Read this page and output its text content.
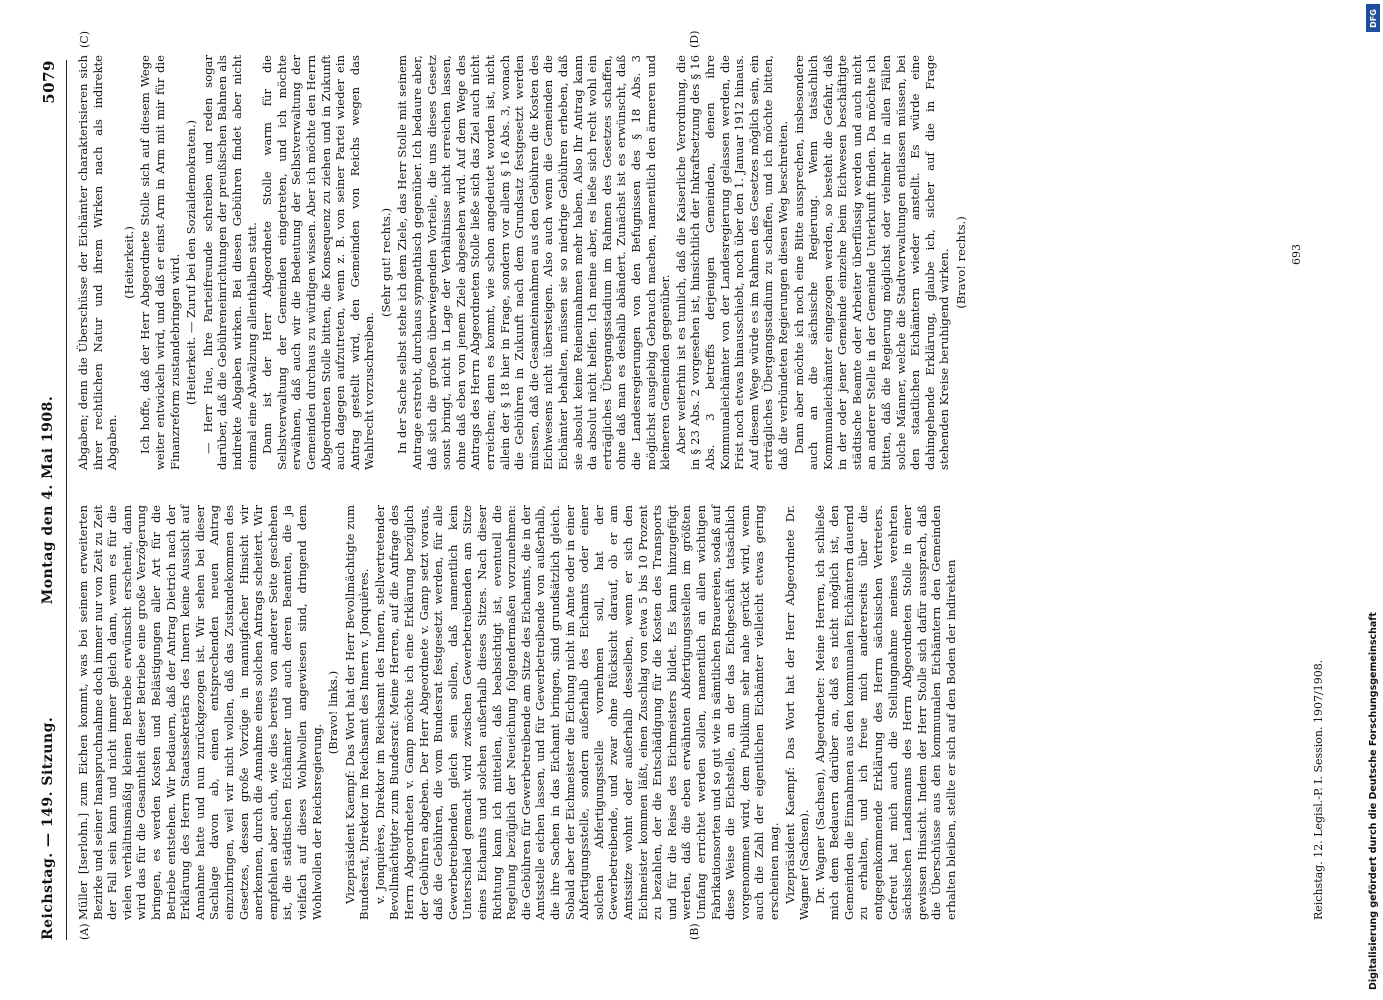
Reichstag. — 149. Sitzung.
Montag den 4. Mai 1908.
5079
(A)	(B)
(C)	(D)

Müller [Iserlohn.] zum Eichen kommt, was bei seinem erweiterten Bezirke und seiner Inanspruchnahme doch immer nur von Zeit zu Zeit der Fall sein kann und nicht immer gleich dann, wenn es für die vielen verhältnismäßig kleinen Betriebe erwünscht erscheint, dann wird das für die Gesamtheit dieser Betriebe eine große Verzögerung bringen, es werden Kosten und Belästigungen aller Art für die Betriebe entstehen. Wir bedauern, daß der Antrag Dietrich nach der Erklärung des Herrn Staatssekretärs des Innern keine Aussicht auf Annahme hatte und nun zurückgezogen ist. Wir sehen bei dieser Sachlage davon ab, einen entsprechenden neuen Antrag einzubringen, weil wir nicht wollen, daß das Zustandekommen des Gesetzes, dessen große Vorzüge in mannigfacher Hinsicht wir anerkennen, durch die Annahme eines solchen Antrags scheitert. Wir empfehlen aber auch, wie dies bereits von anderer Seite geschehen ist, die städtischen Eichämter und auch deren Beamten, die ja vielfach auf dieses Wohlwollen angewiesen sind, dringend dem Wohlwollen der Reichsregierung.

(Bravo! links.) Vizepräsident Kaempf: Das Wort hat der Herr Bevollmächtigte zum Bundesrat, Direktor im Reichsamt des Innern v. Jonquières. v. Jonquières, Direktor im Reichsamt des Innern, stellvertretender Bevollmächtigter zum Bundesrat: Meine Herren, auf die Anfrage des Herrn Abgeordneten v. Gamp möchte ich eine Erklärung bezüglich der Gebühren abgeben. Der Herr Abgeordnete v. Gamp setzt voraus, daß die Gebühren, die vom Bundesrat festgesetzt werden, für alle Gewerbetreibenden gleich sein sollen, daß namentlich kein Unterschied gemacht wird zwischen Gewerbetreibenden am Sitze eines Eichamts und solchen außerhalb dieses Sitzes. Nach dieser Richtung kann ich mitteilen, daß beabsichtigt ist, eventuell die Regelung bezüglich der Neueichung folgendermaßen vorzunehmen: die Gebühren für Gewerbetreibende am Sitze des Eichamts, die in der Amtsstelle eichen lassen, und für Gewerbetreibende von außerhalb, die ihre Sachen in das Eichamt bringen, sind grundsätzlich gleich. Sobald aber der Eichmeister die Eichung nicht im Amte oder in einer Abfertigungsstelle, sondern außerhalb des Eichamts oder einer solchen Abfertigungsstelle vornehmen soll, hat der Gewerbetreibende, und zwar ohne Rücksicht darauf, ob er am Amtssitze wohnt oder außerhalb desselben, wenn er sich den Eichmeister kommen läßt, einen Zuschlag von etwa 5 bis 10 Prozent zu bezahlen, der die Entschädigung für die Kosten des Transports und für die Reise des Eichmeisters bildet. Es kann hinzugefügt werden, daß die eben erwähnten Abfertigungsstellen im größten Umfang errichtet werden sollen, namentlich an allen wichtigen Fabrikationsorten und so gut wie in sämtlichen Brauereien, sodaß auf diese Weise die Eichstelle, an der das Eichgeschäft tatsächlich vorgenommen wird, dem Publikum sehr nahe gerückt wird, wenn auch die Zahl der eigentlichen Eichämter vielleicht etwas gering erscheinen mag. Vizepräsident Kaempf: Das Wort hat der Herr Abgeordnete Dr. Wagner (Sachsen). Dr. Wagner (Sachsen), Abgeordneter: Meine Herren, ich schließe mich dem Bedauern darüber an, daß es nicht möglich ist, den Gemeinden die Einnahmen aus den kommunalen Eichämtern dauernd zu erhalten, und ich freue mich andererseits über die entgegenkommende Erklärung des Herrn sächsischen Vertreters. Gefreut hat mich auch die Stellungnahme meines verehrten sächsischen Landsmanns des Herrn Abgeordneten Stolle in einer gewissen Hinsicht. Indem der Herr Stolle sich dafür aussprach, daß die Überschüsse aus den kommunalen Eichämtern den Gemeinden erhalten bleiben, stellte er sich auf den Boden der indirekten

Abgaben; denn die Überschüsse der Eichämter charakterisieren sich ihrer rechtlichen Natur und ihrem Wirken nach als indirekte Abgaben.

(Heiterkeit.) Ich hoffe, daß der Herr Abgeordnete Stolle sich auf diesem Wege weiter entwickeln wird, und daß er einst Arm in Arm mit mir für die Finanzreform zustandebringen wird. (Heiterkeit. — Zuruf bei den Sozialdemokraten.) — Herr Hue, Ihre Parteifreunde schreiben und reden sogar darüber, daß die Gebühreneinrichtungen der preußischen Bahnen als indirekte Abgaben wirken. Bei diesen Gebühren findet aber nicht einmal eine Abwälzung allenthalben statt. Dann ist der Herr Abgeordnete Stolle warm für die Selbstverwaltung der Gemeinden eingetreten, und ich möchte erwähnen, daß auch wir die Bedeutung der Selbstverwaltung der Gemeinden durchaus zu würdigen wissen. Aber ich möchte den Herrn Abgeordneten Stolle bitten, die Konsequenz zu ziehen und in Zukunft auch dagegen aufzutreten, wenn z. B. von seiner Partei wieder ein Antrag gestellt wird, den Gemeinden von Reichs wegen das Wahlrecht vorzuschreiben.

(Sehr gut! rechts.) In der Sache selbst stehe ich dem Ziele, das Herr Stolle mit seinem Antrage erstrebt, durchaus sympathisch gegenüber. Ich bedaure aber, daß sich die großen überwiegenden Vorteile, die uns dieses Gesetz sonst bringt, nicht in Lage der Verhältnisse nicht erreichen lassen, ohne daß eben von jenem Ziele abgesehen wird. Auf dem Wege des Antrags des Herrn Abgeordneten Stolle ließe sich das Ziel auch nicht erreichen; denn es kommt, wie schon angedeutet worden ist, nicht allein der § 18 hier in Frage, sondern vor allem § 16 Abs. 3, wonach die Gebühren in Zukunft nach dem Grundsatz festgesetzt werden müssen, daß die Gesamteinnahmen aus den Gebühren die Kosten des Eichwesens nicht übersteigen. Also auch wenn die Gemeinden die Eichämter behalten, müssen sie so niedrige Gebühren erheben, daß sie absolut keine Reineinnahmen mehr haben. Also Ihr Antrag kann da absolut nicht helfen. Ich meine aber, es ließe sich recht wohl ein erträgliches Übergangsstadium im Rahmen des Gesetzes schaffen, ohne daß man es deshalb abändert. Zunächst ist es erwünscht, daß die Landesregierungen von den Befugnissen des § 18 Abs. 3 möglichst ausgiebig Gebrauch machen, namentlich den ärmeren und kleineren Gemeinden gegenüber. Aber weiterhin ist es tunlich, daß die Kaiserliche Verordnung, die in § 23 Abs. 2 vorgesehen ist, hinsichtlich der Inkraftsetzung des § 16 Abs. 3 betreffs derjenigen Gemeinden, denen ihre Kommunaleichämter von der Landesregierung gelassen werden, die Frist noch etwas hinausschiebt, noch über den 1. Januar 1912 hinaus. Auf diesem Wege würde es im Rahmen des Gesetzes möglich sein, ein erträgliches Übergangsstadium zu schaffen, und ich möchte bitten, daß die verbündeten Regierungen diesen Weg beschreiten. Dann aber möchte ich noch eine Bitte aussprechen, insbesondere auch an die sächsische Regierung. Wenn tatsächlich Kommunaleichämter eingezogen werden, so besteht die Gefahr, daß in der oder jener Gemeinde einzelne beim Eichwesen beschäftigte städtische Beamte oder Arbeiter überflüssig werden und auch nicht an anderer Stelle in der Gemeinde Unterkunft finden. Da möchte ich bitten, daß die Regierung möglichst oder vielmehr in allen Fällen solche Männer, welche die Stadtverwaltungen entlassen müssen, bei den staatlichen Eichämtern wieder anstellt. Es würde eine dahingehende Erklärung, glaube ich, sicher auf die in Frage stehenden Kreise beruhigend wirken. (Bravo! rechts.)

Reichstag. 12. Legisl.-P. I. Session. 1907/1908.
693
DFG
Digitalisierung gefördert durch die Deutsche Forschungsgemeinschaft
